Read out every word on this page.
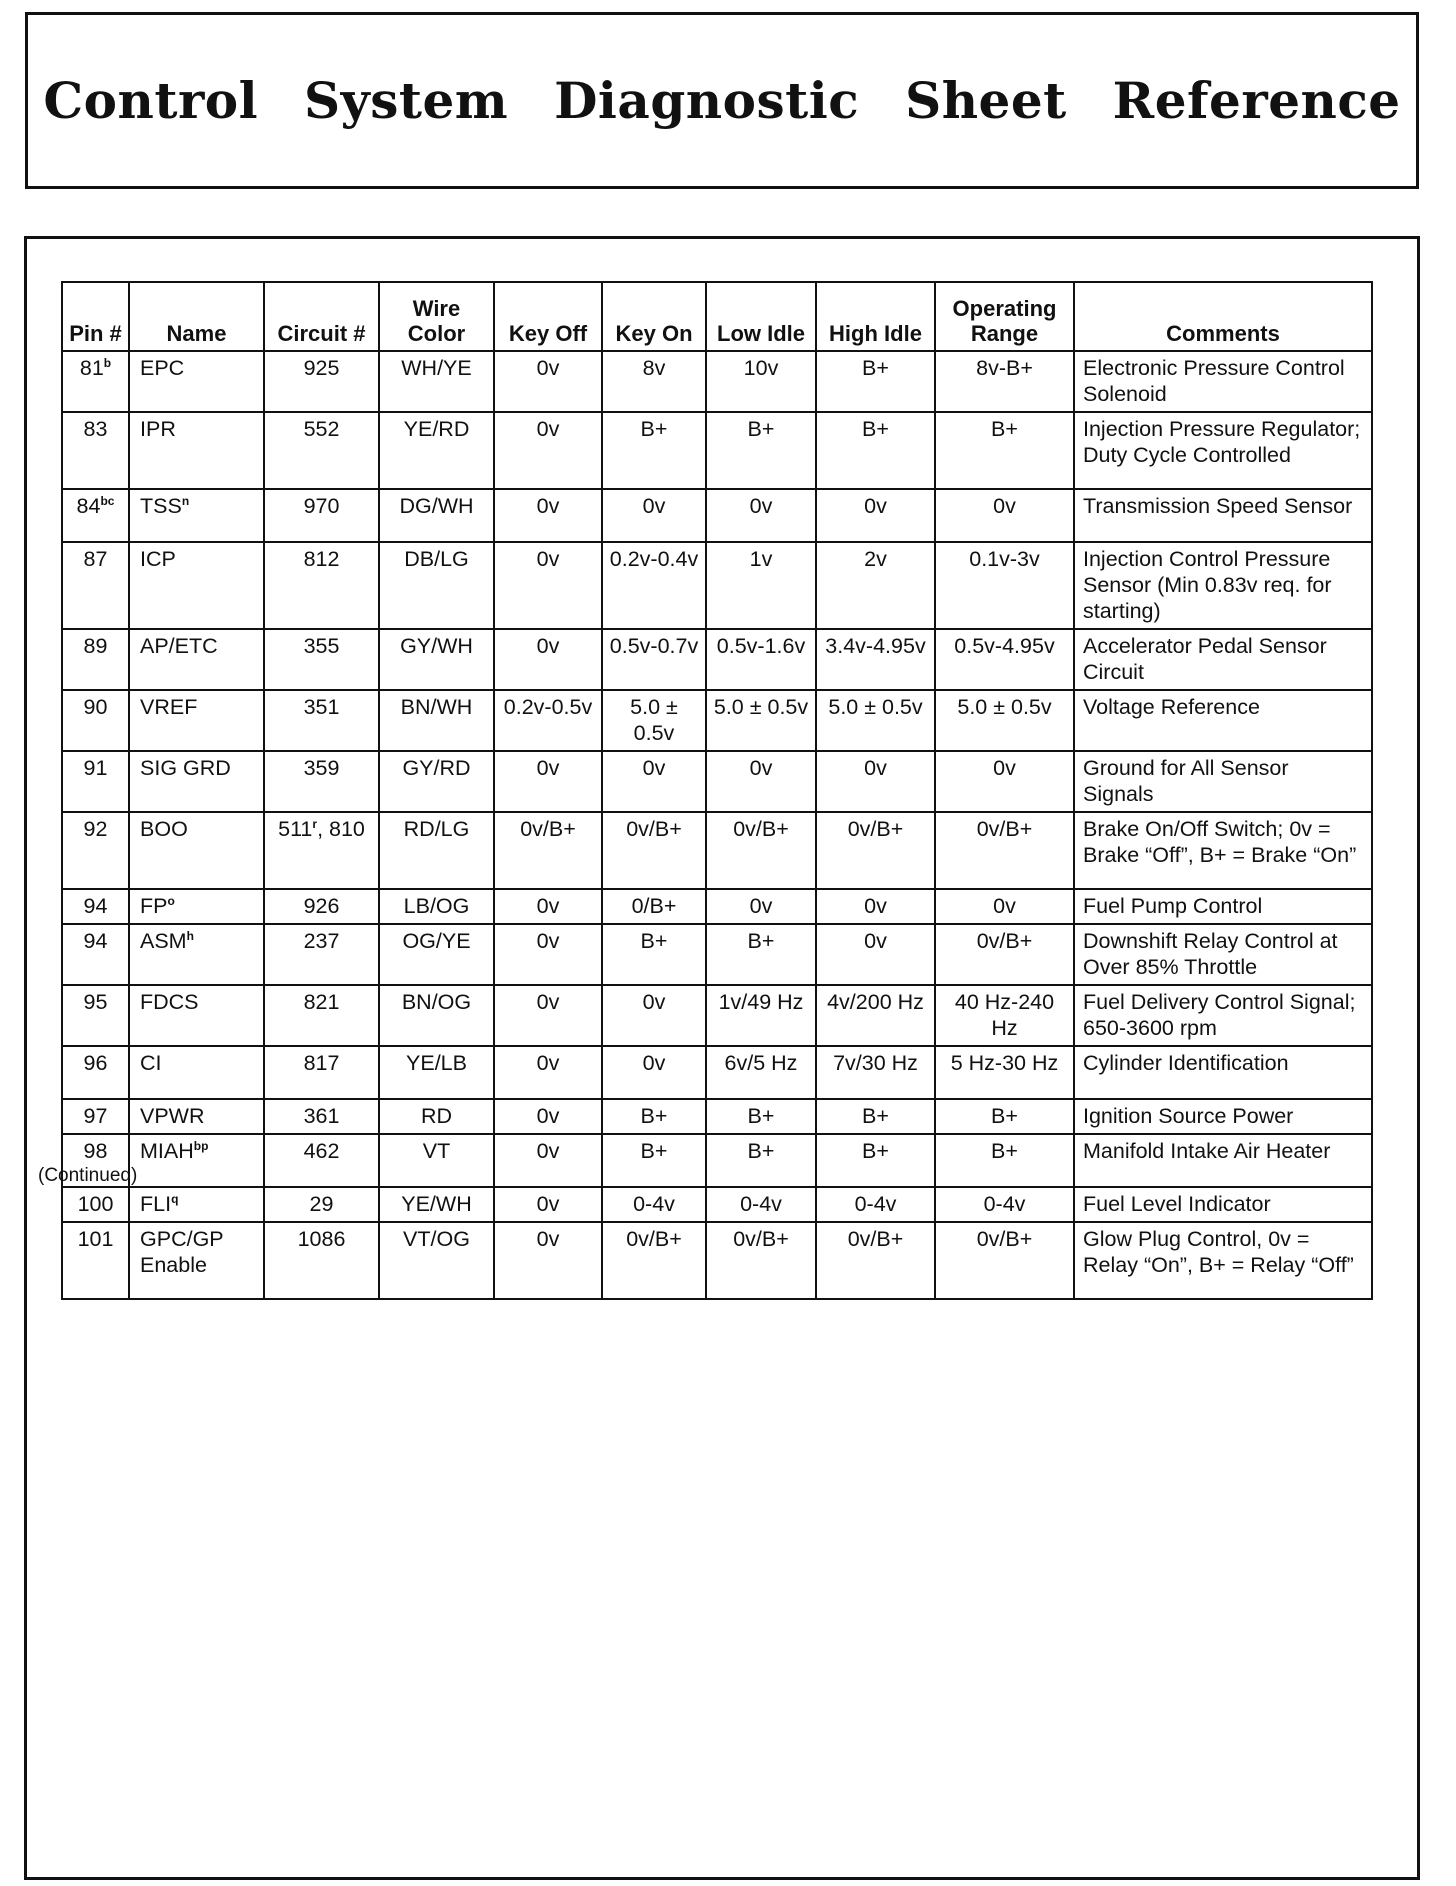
Control System Diagnostic Sheet Reference
Pin #	Name	Circuit #	Wire Color	Key Off	Key On	Low Idle	High Idle	Operating Range	Comments
81$^b$	EPC	925	WH/YE	0v	8v	10v	B+	8v-B+	Electronic Pressure Control Solenoid
83	IPR	552	YE/RD	0v	B+	B+	B+	B+	Injection Pressure Regulator; Duty Cycle Controlled
$84^{bc}$	TSS$^n$	970	DG/WH	0v	0v	0v	0v	0v	Transmission Speed Sensor
87	ICP	812	DB/LG	0v	0.2v-0.4v	1v	2v	0.1v-3v	Injection Control Pressure Sensor (Min 0.83v req. for starting)
89	AP/ETC	355	GY/WH	0v	0.5v-0.7v	0.5v-1.6v	3.4v-4.95v	0.5v-4.95v	Accelerator Pedal Sensor Circuit
90	VREF	351	BN/WH	0.2v-0.5v	5.0 ± 0.5v	5.0 ± 0.5v	5.0 ± 0.5v	5.0 ± 0.5v	Voltage Reference
91	SIG GRD	359	GY/RD	0v	0v	0v	0v	0v	Ground for All Sensor Signals
92	BOO	511$^r$, 810	RD/LG	0v/B+	0v/B+	0v/B+	0v/B+	0v/B+	Brake On/Off Switch; 0v = Brake “Off”, B+ = Brake “On”
94	$FP^o$	926	LB/OG	0v	0/B+	0v	0v	0v	Fuel Pump Control
94	ASM$^h$	237	OG/YE	0v	B+	B+	0v	0v/B+	Downshift Relay Control at Over 85% Throttle
95	FDCS	821	BN/OG	0v	0v	1v/49 Hz	4v/200 Hz	40 Hz-240 Hz	Fuel Delivery Control Signal; 650-3600 rpm
96	CI	817	YE/LB	0v	0v	6v/5 Hz	7v/30 Hz	5 Hz-30 Hz	Cylinder Identification
97	VPWR	361	RD	0v	B+	B+	B+	B+	Ignition Source Power
98	$MIAH^{bp}$	462	VT	0v	B+	B+	B+	B+	Manifold Intake Air Heater
100	FLI$^q$	29	YE/WH	0v	0-4v	0-4v	0-4v	0-4v	Fuel Level Indicator
101	GPC/GP Enable	1086	VT/OG	0v	0v/B+	0v/B+	0v/B+	0v/B+	Glow Plug Control, 0v = Relay “On”, B+ = Relay “Off”
(Continued)
